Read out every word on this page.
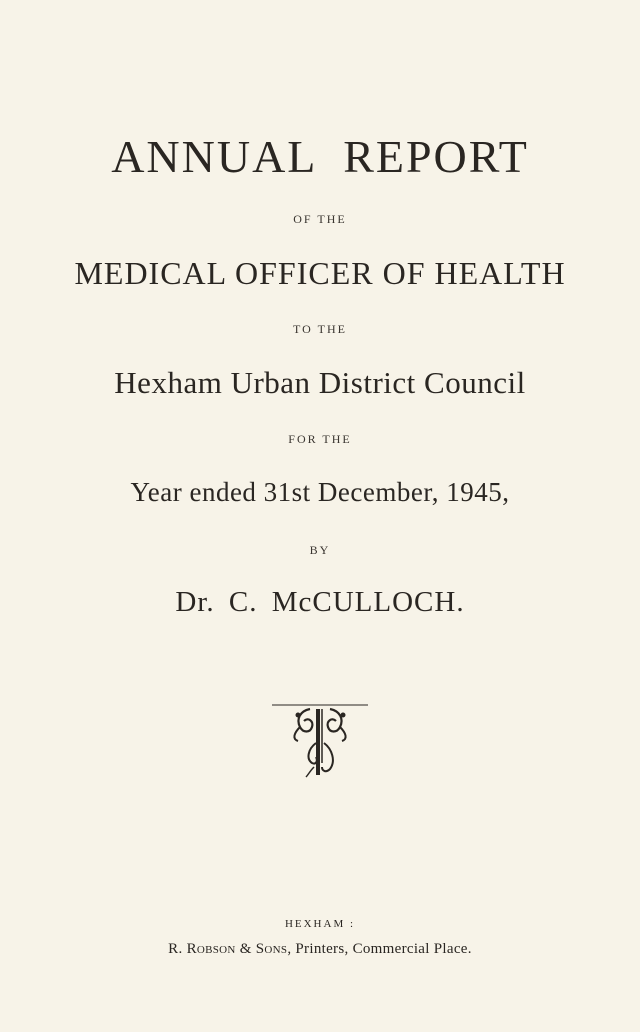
ANNUAL REPORT
OF THE
MEDICAL OFFICER OF HEALTH
TO THE
Hexham Urban District Council
FOR THE
Year ended 31st December, 1945,
BY
Dr. C. McCULLOCH.
HEXHAM :
R. Robson & Sons, Printers, Commercial Place.
